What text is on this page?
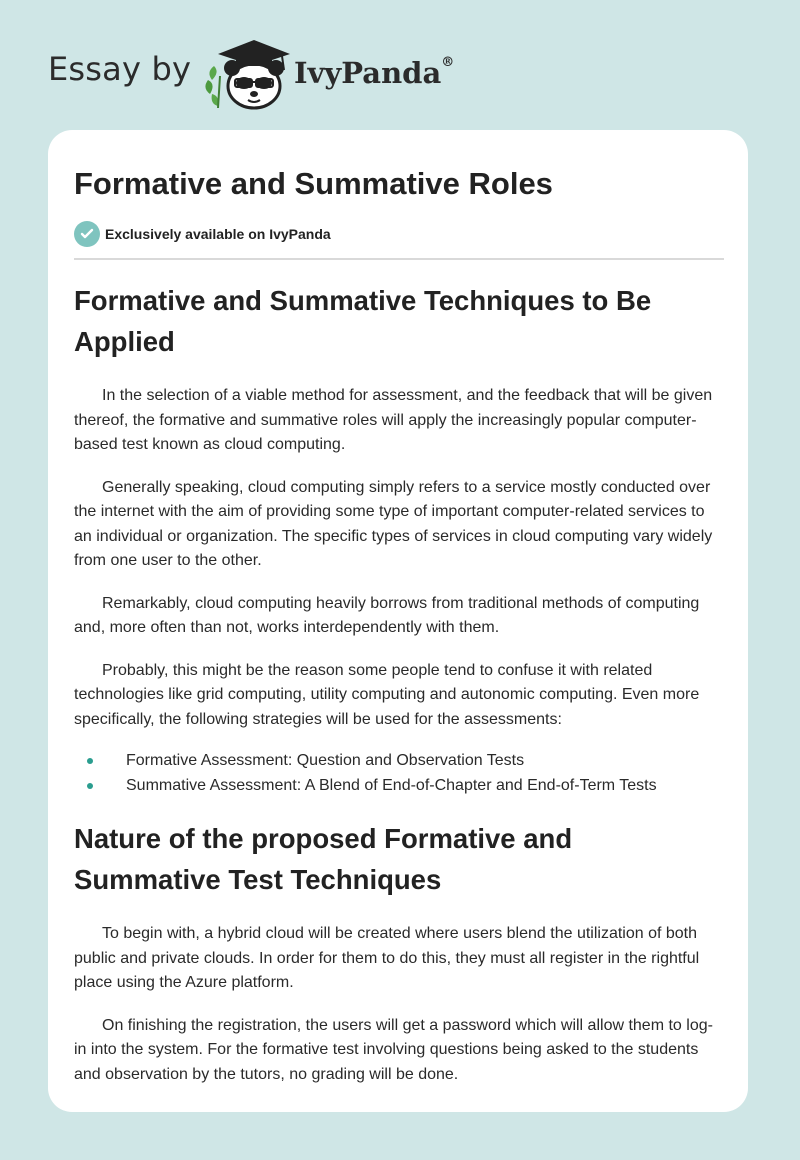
Essay by	IvyPanda®
Formative and Summative Roles
Exclusively available on IvyPanda
Formative and Summative Techniques to Be Applied

In the selection of a viable method for assessment, and the feedback that will be given thereof, the formative and summative roles will apply the increasingly popular computer-based test known as cloud computing.

Generally speaking, cloud computing simply refers to a service mostly conducted over the internet with the aim of providing some type of important computer-related services to an individual or organization. The specific types of services in cloud computing vary widely from one user to the other.

Remarkably, cloud computing heavily borrows from traditional methods of computing and, more often than not, works interdependently with them.

Probably, this might be the reason some people tend to confuse it with related technologies like grid computing, utility computing and autonomic computing. Even more specifically, the following strategies will be used for the assessments:

Formative Assessment: Question and Observation Tests
Summative Assessment: A Blend of End-of-Chapter and End-of-Term Tests
Nature of the proposed Formative and Summative Test Techniques

To begin with, a hybrid cloud will be created where users blend the utilization of both public and private clouds. In order for them to do this, they must all register in the rightful place using the Azure platform.

On finishing the registration, the users will get a password which will allow them to log-in into the system. For the formative test involving questions being asked to the students and observation by the tutors, no grading will be done.
